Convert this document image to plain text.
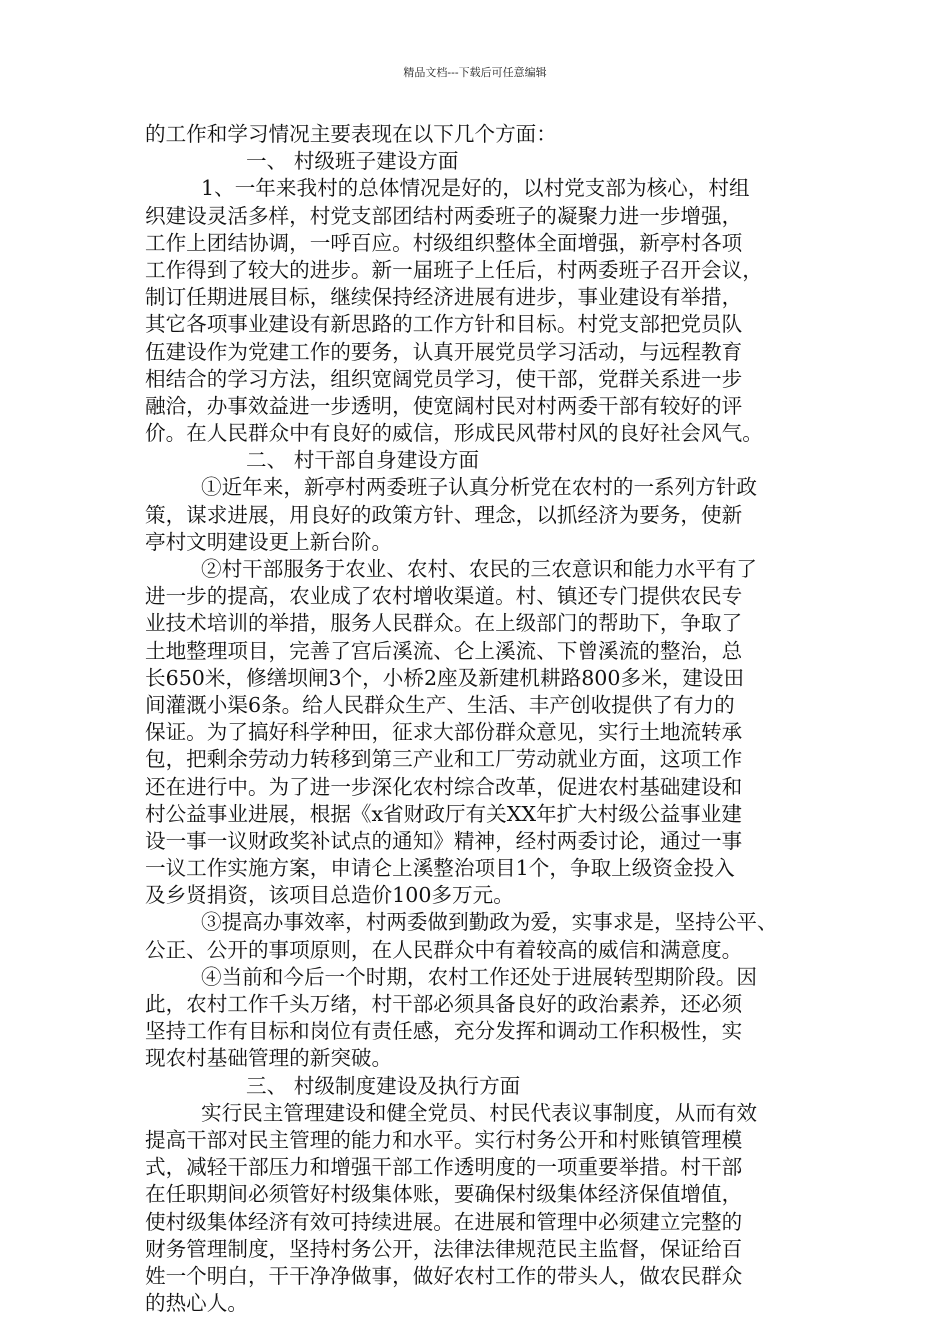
精品文档---下载后可任意编辑
的工作和学习情况主要表现在以下几个方面：
一、 村级班子建设方面
1、一年来我村的总体情况是好的，以村党支部为核心，村组
织建设灵活多样，村党支部团结村两委班子的凝聚力进一步增强，
工作上团结协调，一呼百应。村级组织整体全面增强，新亭村各项
工作得到了较大的进步。新一届班子上任后，村两委班子召开会议，
制订任期进展目标，继续保持经济进展有进步，事业建设有举措，
其它各项事业建设有新思路的工作方针和目标。村党支部把党员队
伍建设作为党建工作的要务，认真开展党员学习活动，与远程教育
相结合的学习方法，组织宽阔党员学习，使干部，党群关系进一步
融洽，办事效益进一步透明，使宽阔村民对村两委干部有较好的评
价。在人民群众中有良好的威信，形成民风带村风的良好社会风气。
二、 村干部自身建设方面
①近年来，新亭村两委班子认真分析党在农村的一系列方针政
策，谋求进展，用良好的政策方针、理念，以抓经济为要务，使新
亭村文明建设更上新台阶。
②村干部服务于农业、农村、农民的三农意识和能力水平有了
进一步的提高，农业成了农村增收渠道。村、镇还专门提供农民专
业技术培训的举措，服务人民群众。在上级部门的帮助下，争取了
土地整理项目，完善了宫后溪流、仑上溪流、下曾溪流的整治，总
长650米，修缮坝闸3个，小桥2座及新建机耕路800多米，建设田
间灌溉小渠6条。给人民群众生产、生活、丰产创收提供了有力的
保证。为了搞好科学种田，征求大部份群众意见，实行土地流转承
包，把剩余劳动力转移到第三产业和工厂劳动就业方面，这项工作
还在进行中。为了进一步深化农村综合改革，促进农村基础建设和
村公益事业进展，根据《x省财政厅有关XX年扩大村级公益事业建
设一事一议财政奖补试点的通知》精神，经村两委讨论，通过一事
一议工作实施方案，申请仑上溪整治项目1个，争取上级资金投入
及乡贤捐资，该项目总造价100多万元。
③提高办事效率，村两委做到勤政为爱，实事求是，坚持公平、
公正、公开的事项原则，在人民群众中有着较高的威信和满意度。
④当前和今后一个时期，农村工作还处于进展转型期阶段。因
此，农村工作千头万绪，村干部必须具备良好的政治素养，还必须
坚持工作有目标和岗位有责任感，充分发挥和调动工作积极性，实
现农村基础管理的新突破。
三、 村级制度建设及执行方面
实行民主管理建设和健全党员、村民代表议事制度，从而有效
提高干部对民主管理的能力和水平。实行村务公开和村账镇管理模
式，减轻干部压力和增强干部工作透明度的一项重要举措。村干部
在任职期间必须管好村级集体账，要确保村级集体经济保值增值，
使村级集体经济有效可持续进展。在进展和管理中必须建立完整的
财务管理制度，坚持村务公开，法律法律规范民主监督，保证给百
姓一个明白，干干净净做事，做好农村工作的带头人，做农民群众
的热心人。
